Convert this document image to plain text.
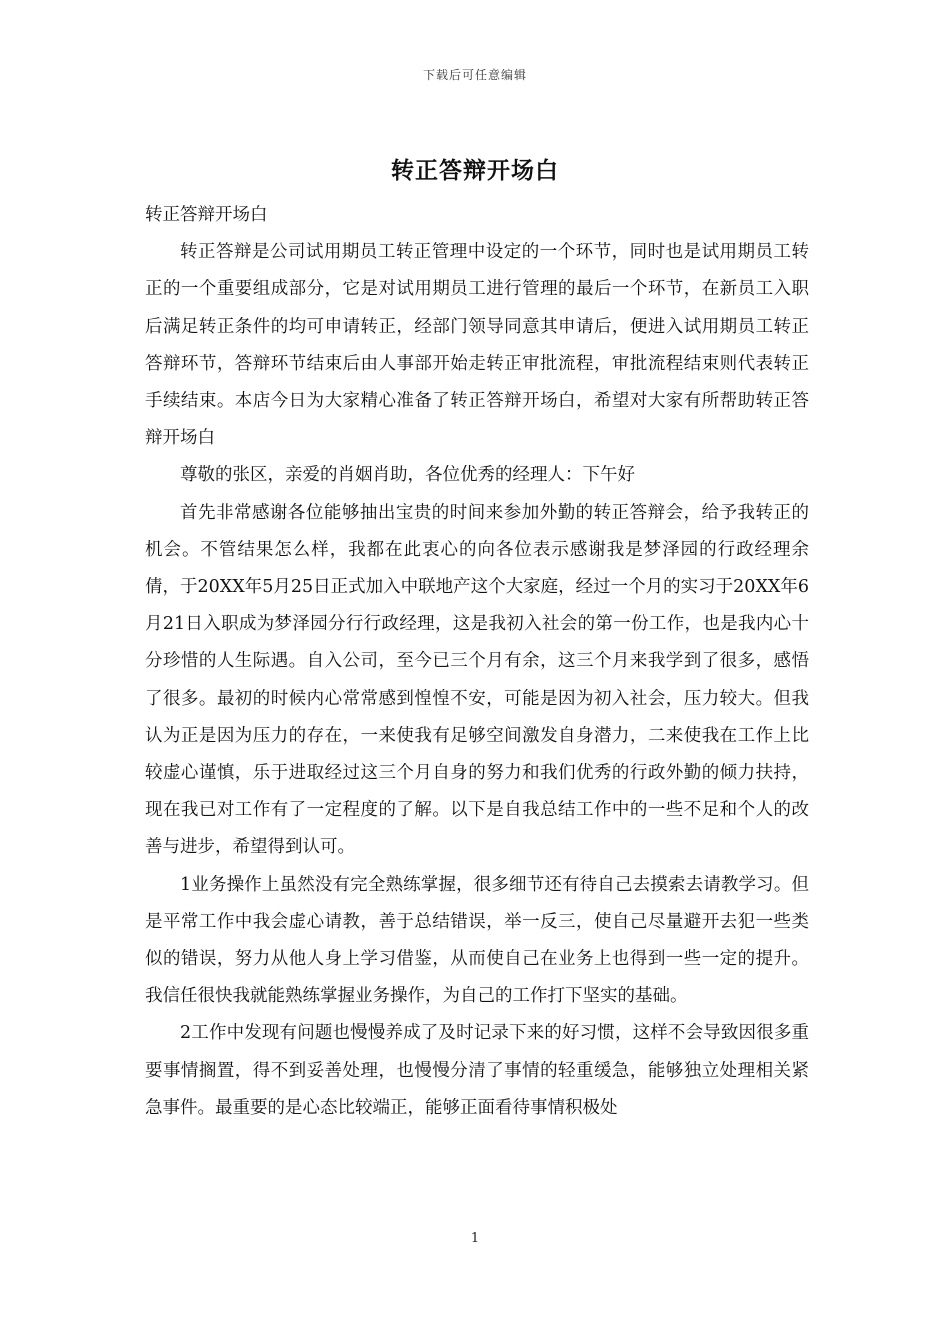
下载后可任意编辑
转正答辩开场白

转正答辩开场白

转正答辩是公司试用期员工转正管理中设定的一个环节，同时也是试用期员工转正的一个重要组成部分，它是对试用期员工进行管理的最后一个环节，在新员工入职后满足转正条件的均可申请转正，经部门领导同意其申请后，便进入试用期员工转正答辩环节，答辩环节结束后由人事部开始走转正审批流程，审批流程结束则代表转正手续结束。本店今日为大家精心准备了转正答辩开场白，希望对大家有所帮助转正答辩开场白

尊敬的张区，亲爱的肖姻肖助，各位优秀的经理人：下午好

首先非常感谢各位能够抽出宝贵的时间来参加外勤的转正答辩会，给予我转正的机会。不管结果怎么样，我都在此衷心的向各位表示感谢我是梦泽园的行政经理余倩，于20XX年5月25日正式加入中联地产这个大家庭，经过一个月的实习于20XX年6月21日入职成为梦泽园分行行政经理，这是我初入社会的第一份工作，也是我内心十分珍惜的人生际遇。自入公司，至今已三个月有余，这三个月来我学到了很多，感悟了很多。最初的时候内心常常感到惶惶不安，可能是因为初入社会，压力较大。但我认为正是因为压力的存在，一来使我有足够空间激发自身潜力，二来使我在工作上比较虚心谨慎，乐于进取经过这三个月自身的努力和我们优秀的行政外勤的倾力扶持，现在我已对工作有了一定程度的了解。以下是自我总结工作中的一些不足和个人的改善与进步，希望得到认可。

1业务操作上虽然没有完全熟练掌握，很多细节还有待自己去摸索去请教学习。但是平常工作中我会虚心请教，善于总结错误，举一反三，使自己尽量避开去犯一些类似的错误，努力从他人身上学习借鉴，从而使自己在业务上也得到一些一定的提升。我信任很快我就能熟练掌握业务操作，为自己的工作打下坚实的基础。

2工作中发现有问题也慢慢养成了及时记录下来的好习惯，这样不会导致因很多重要事情搁置，得不到妥善处理，也慢慢分清了事情的轻重缓急，能够独立处理相关紧急事件。最重要的是心态比较端正，能够正面看待事情积极处

1
